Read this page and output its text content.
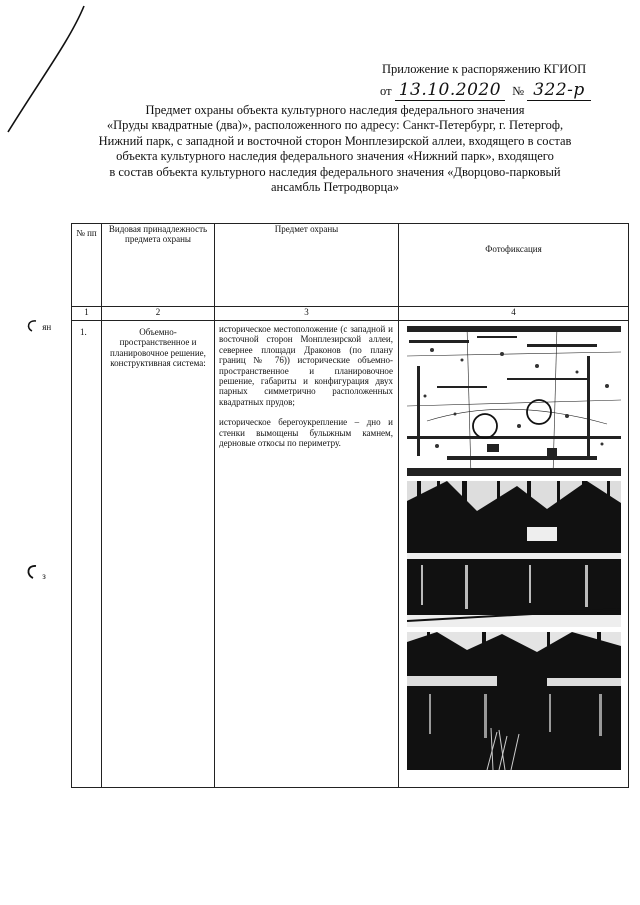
Приложение к распоряжению КГИОП
от 13.10.2020 № 322-р
Предмет охраны объекта культурного наследия федерального значения
«Пруды квадратные (два)», расположенного по адресу: Санкт-Петербург, г. Петергоф,
Нижний парк, с западной и восточной сторон Монплезирской аллеи, входящего в состав
объекта культурного наследия федерального значения «Нижний парк», входящего
в состав объекта культурного наследия федерального значения «Дворцово-парковый
ансамбль Петродворца»
ян
з
№ пп	Видовая принадлежность предмета охраны	Предмет охраны	Фотофиксация
1	2	3	4
1.	Объемно-пространственное и планировочное решение, конструктивная система:	историческое местоположение (с западной и восточной сторон Монплезирской аллеи, севернее площади Драконов (по плану границ № 76)) исторические объемно-пространственное и планировочное решение, габариты и конфигурация двух парных симметрично расположенных квадратных прудов;

историческое берегоукрепление – дно и стенки вымощены булыжным камнем, дерновые откосы по периметру.
